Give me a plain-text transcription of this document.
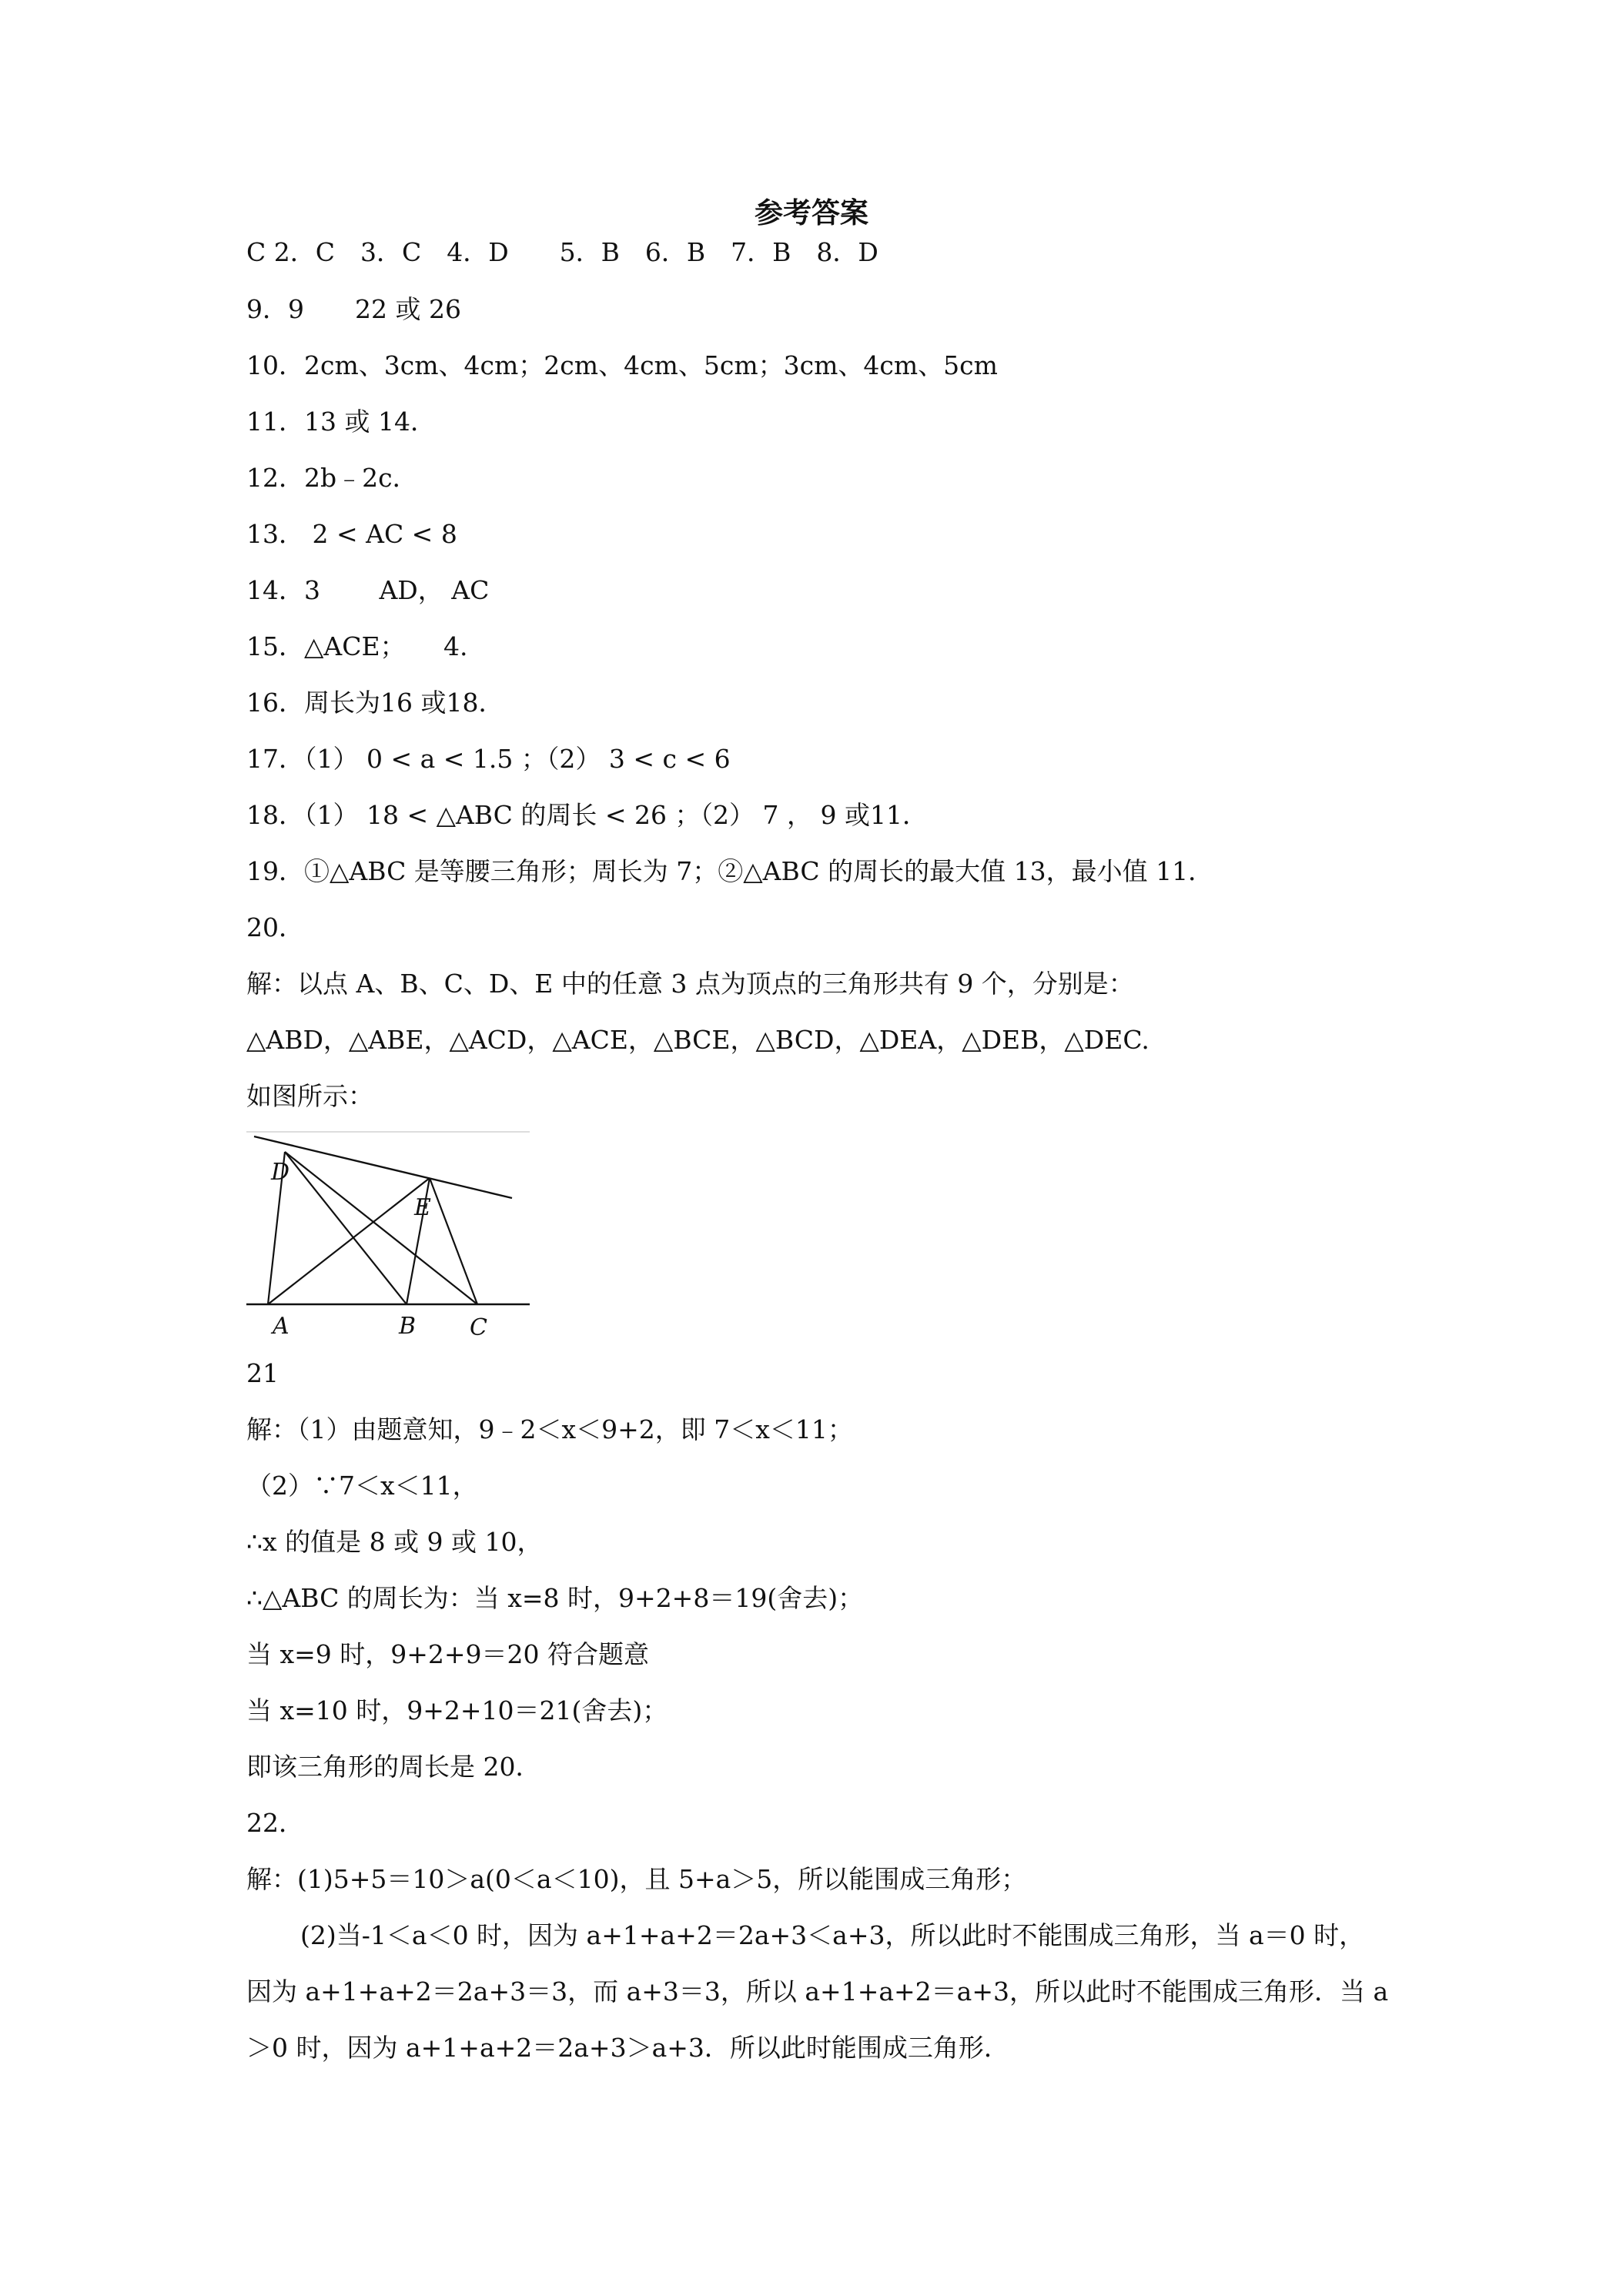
参考答案
C 2．C　3．C　4．D　　5．B　6．B　7．B　8．D
9．9　　22 或 26
10．2cm、3cm、4cm；2cm、4cm、5cm；3cm、4cm、5cm
11．13 或 14．
12．2b﹣2c．
13． 2 < AC < 8
14．3　　 AD， AC
15．△ACE；　　4.
16．周长为16 或18．
17．（1） 0 < a < 1.5 ；（2） 3 < c < 6
18．（1） 18 < △ABC 的周长 < 26 ；（2） 7 ， 9 或11．
19．①△ABC 是等腰三角形；周长为 7；②△ABC 的周长的最大值 13，最小值 11．
20．
解：以点 A、B、C、D、E 中的任意 3 点为顶点的三角形共有 9 个，分别是：
△ABD，△ABE，△ACD，△ACE，△BCE，△BCD，△DEA，△DEB，△DEC.
如图所示：
D
E
A	B C
21
解：（1）由题意知，9﹣2＜x＜9+2，即 7＜x＜11；
（2）∵7＜x＜11，
∴x 的值是 8 或 9 或 10，
∴△ABC 的周长为：当 x=8 时，9+2+8＝19(舍去)；
当 x=9 时，9+2+9＝20 符合题意
当 x=10 时，9+2+10＝21(舍去)；
即该三角形的周长是 20．
22．
解：(1)5+5＝10＞a(0＜a＜10)，且 5+a＞5，所以能围成三角形；
(2)当-1＜a＜0 时，因为 a+1+a+2＝2a+3＜a+3，所以此时不能围成三角形，当 a＝0 时，
因为 a+1+a+2＝2a+3＝3，而 a+3＝3，所以 a+1+a+2＝a+3，所以此时不能围成三角形．当 a
＞0 时，因为 a+1+a+2＝2a+3＞a+3．所以此时能围成三角形．
